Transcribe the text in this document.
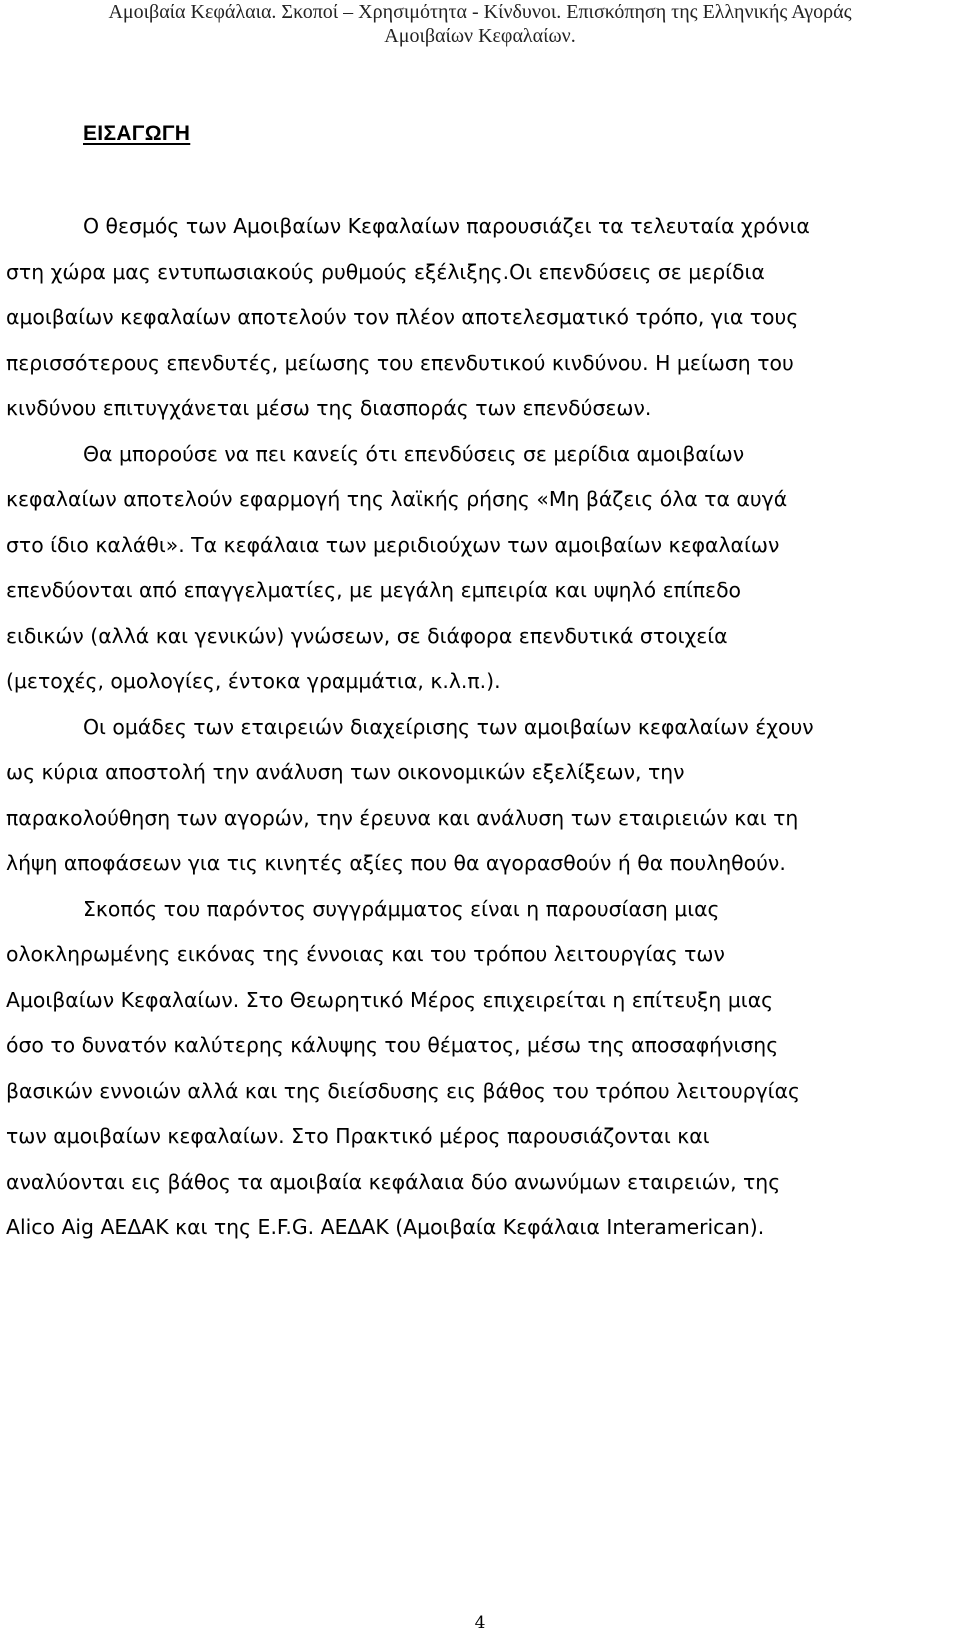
Αμοιβαία Κεφάλαια. Σκοποί – Χρησιμότητα - Κίνδυνοι. Επισκόπηση της Ελληνικής Αγοράς
Αμοιβαίων Κεφαλαίων.
ΕΙΣΑΓΩΓΗ
Ο θεσμός των Αμοιβαίων Κεφαλαίων παρουσιάζει τα τελευταία χρόνια
στη χώρα μας εντυπωσιακούς ρυθμούς εξέλιξης.Οι επενδύσεις σε μερίδια
αμοιβαίων κεφαλαίων αποτελούν τον πλέον αποτελεσματικό τρόπο, για τους
περισσότερους επενδυτές, μείωσης του επενδυτικού κινδύνου. Η μείωση του
κινδύνου επιτυγχάνεται μέσω της διασποράς των επενδύσεων.
Θα μπορούσε να πει κανείς ότι επενδύσεις σε μερίδια αμοιβαίων
κεφαλαίων αποτελούν εφαρμογή της λαϊκής ρήσης «Μη βάζεις όλα τα αυγά
στο ίδιο καλάθι». Τα κεφάλαια των μεριδιούχων των αμοιβαίων κεφαλαίων
επενδύονται από επαγγελματίες, με μεγάλη εμπειρία και υψηλό επίπεδο
ειδικών (αλλά και γενικών) γνώσεων, σε διάφορα επενδυτικά στοιχεία
(μετοχές, ομολογίες, έντοκα γραμμάτια, κ.λ.π.).
Οι ομάδες των εταιρειών διαχείρισης των αμοιβαίων κεφαλαίων έχουν
ως κύρια αποστολή την ανάλυση των οικονομικών εξελίξεων, την
παρακολούθηση των αγορών, την έρευνα και ανάλυση των εταιριειών και τη
λήψη αποφάσεων για τις κινητές αξίες που θα αγορασθούν ή θα πουληθούν.
Σκοπός του παρόντος συγγράμματος είναι η παρουσίαση μιας
ολοκληρωμένης εικόνας της έννοιας και του τρόπου λειτουργίας των
Αμοιβαίων Κεφαλαίων. Στο Θεωρητικό Μέρος επιχειρείται η επίτευξη μιας
όσο το δυνατόν καλύτερης κάλυψης του θέματος, μέσω της αποσαφήνισης
βασικών εννοιών αλλά και της διείσδυσης εις βάθος του τρόπου λειτουργίας
των αμοιβαίων κεφαλαίων. Στο Πρακτικό μέρος παρουσιάζονται και
αναλύονται εις βάθος τα αμοιβαία κεφάλαια δύο ανωνύμων εταιρειών, της
Alico Aig ΑΕΔΑΚ και της E.F.G. ΑΕΔΑΚ (Αμοιβαία Κεφάλαια Interamerican).
4
